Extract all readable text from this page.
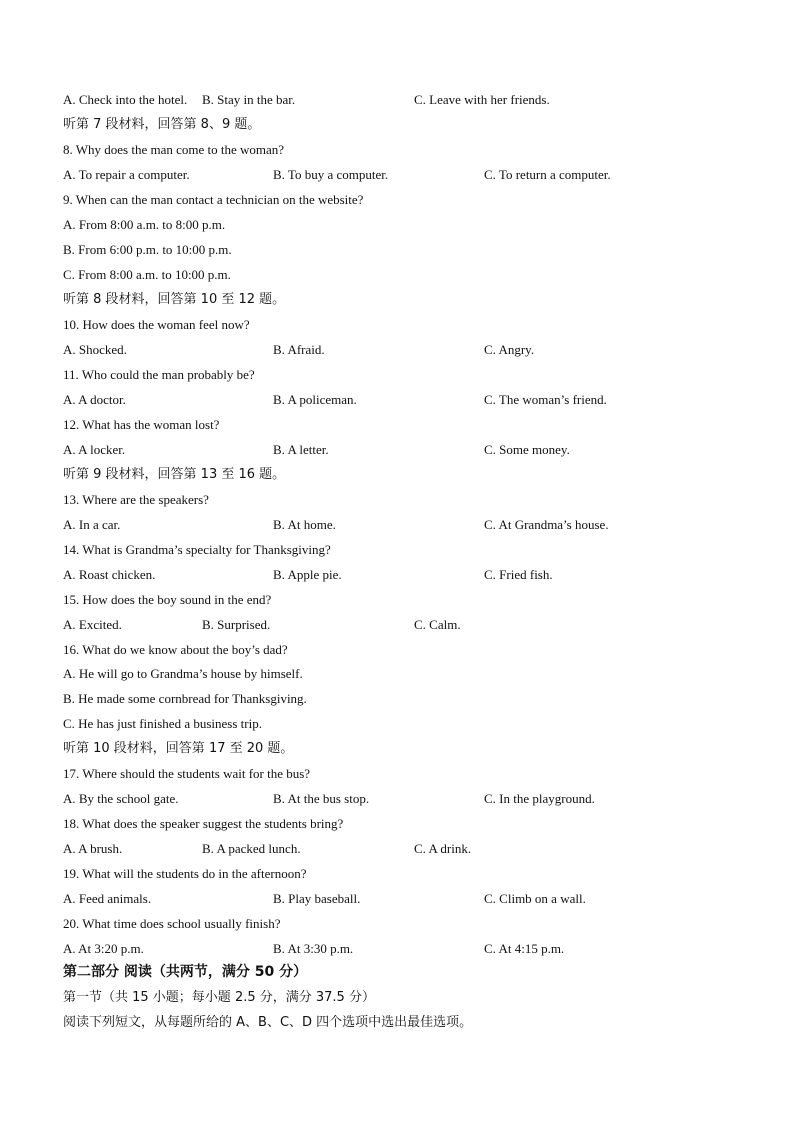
A. Check into the hotel. B. Stay in the bar.	C. Leave with her friends.
听第 7 段材料，回答第 8、9 题。
8. Why does the man come to the woman?
A. To repair a computer.	B. To buy a computer.	C. To return a computer.
9. When can the man contact a technician on the website?
A. From 8:00 a.m. to 8:00 p.m.
B. From 6:00 p.m. to 10:00 p.m.
C. From 8:00 a.m. to 10:00 p.m.
听第 8 段材料，回答第 10 至 12 题。
10. How does the woman feel now?
A. Shocked.	B. Afraid.	C. Angry.
11. Who could the man probably be?
A. A doctor.	B. A policeman.	C. The woman’s friend.
12. What has the woman lost?
A. A locker.	B. A letter.	C. Some money.
听第 9 段材料，回答第 13 至 16 题。
13. Where are the speakers?
A. In a car.	B. At home.	C. At Grandma’s house.
14. What is Grandma’s specialty for Thanksgiving?
A. Roast chicken.	B. Apple pie.	C. Fried fish.
15. How does the boy sound in the end?
A. Excited.	B. Surprised.	C. Calm.
16. What do we know about the boy’s dad?
A. He will go to Grandma’s house by himself.
B. He made some cornbread for Thanksgiving.
C. He has just finished a business trip.
听第 10 段材料，回答第 17 至 20 题。
17. Where should the students wait for the bus?
A. By the school gate.	B. At the bus stop.	C. In the playground.
18. What does the speaker suggest the students bring?
A. A brush.	B. A packed lunch.	C. A drink.
19. What will the students do in the afternoon?
A. Feed animals.	B. Play baseball.	C. Climb on a wall.
20. What time does school usually finish?
A. At 3:20 p.m.	B. At 3:30 p.m.	C. At 4:15 p.m.
第二部分 阅读（共两节，满分 50 分）
第一节（共 15 小题；每小题 2.5 分，满分 37.5 分）
阅读下列短文，从每题所给的 A、B、C、D 四个选项中选出最佳选项。
